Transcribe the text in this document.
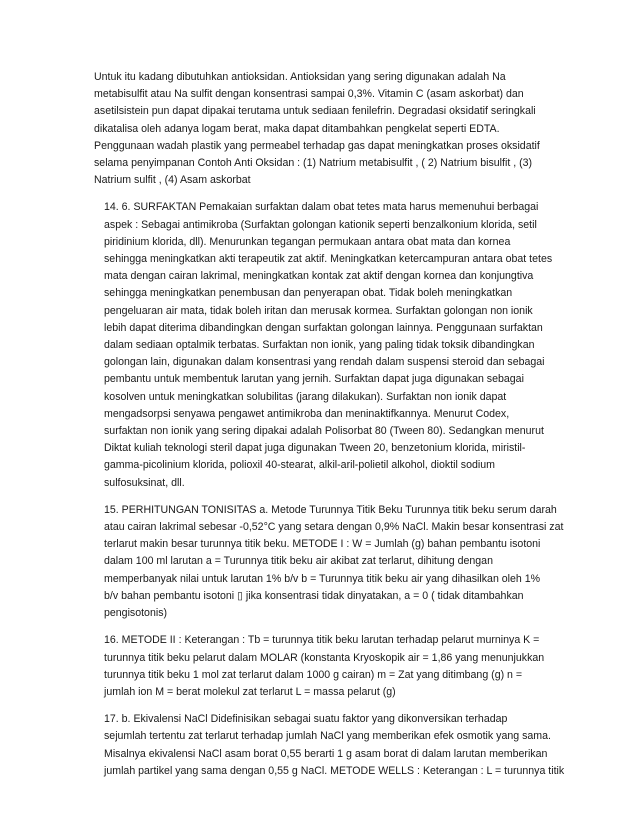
Untuk itu kadang dibutuhkan antioksidan. Antioksidan yang sering digunakan adalah Na
metabisulfit atau Na sulfit dengan konsentrasi sampai 0,3%. Vitamin C (asam askorbat) dan
asetilsistein pun dapat dipakai terutama untuk sediaan fenilefrin. Degradasi oksidatif seringkali
dikatalisa oleh adanya logam berat, maka dapat ditambahkan pengkelat seperti EDTA.
Penggunaan wadah plastik yang permeabel terhadap gas dapat meningkatkan proses oksidatif
selama penyimpanan Contoh Anti Oksidan : (1) Natrium metabisulfit , ( 2) Natrium bisulfit , (3)
Natrium sulfit , (4) Asam askorbat
14. 6. SURFAKTAN Pemakaian surfaktan dalam obat tetes mata harus memenuhui berbagai
aspek : Sebagai antimikroba (Surfaktan golongan kationik seperti benzalkonium klorida, setil
piridinium klorida, dll). Menurunkan tegangan permukaan antara obat mata dan kornea
sehingga meningkatkan akti terapeutik zat aktif. Meningkatkan ketercampuran antara obat tetes
mata dengan cairan lakrimal, meningkatkan kontak zat aktif dengan kornea dan konjungtiva
sehingga meningkatkan penembusan dan penyerapan obat. Tidak boleh meningkatkan
pengeluaran air mata, tidak boleh iritan dan merusak kormea. Surfaktan golongan non ionik
lebih dapat diterima dibandingkan dengan surfaktan golongan lainnya. Penggunaan surfaktan
dalam sediaan optalmik terbatas. Surfaktan non ionik, yang paling tidak toksik dibandingkan
golongan lain, digunakan dalam konsentrasi yang rendah dalam suspensi steroid dan sebagai
pembantu untuk membentuk larutan yang jernih. Surfaktan dapat juga digunakan sebagai
kosolven untuk meningkatkan solubilitas (jarang dilakukan). Surfaktan non ionik dapat
mengadsorpsi senyawa pengawet antimikroba dan meninaktifkannya. Menurut Codex,
surfaktan non ionik yang sering dipakai adalah Polisorbat 80 (Tween 80). Sedangkan menurut
Diktat kuliah teknologi steril dapat juga digunakan Tween 20, benzetonium klorida, miristil-
gamma-picolinium klorida, polioxil 40-stearat, alkil-aril-polietil alkohol, dioktil sodium
sulfosuksinat, dll.
15. PERHITUNGAN TONISITAS a. Metode Turunnya Titik Beku Turunnya titik beku serum darah
atau cairan lakrimal sebesar -0,52°C yang setara dengan 0,9% NaCl. Makin besar konsentrasi zat
terlarut makin besar turunnya titik beku. METODE I : W = Jumlah (g) bahan pembantu isotoni
dalam 100 ml larutan a = Turunnya titik beku air akibat zat terlarut, dihitung dengan
memperbanyak nilai untuk larutan 1% b/v b = Turunnya titik beku air yang dihasilkan oleh 1%
b/v bahan pembantu isotoni ▯ jika konsentrasi tidak dinyatakan, a = 0 ( tidak ditambahkan
pengisotonis)
16. METODE II : Keterangan : Tb = turunnya titik beku larutan terhadap pelarut murninya K =
turunnya titik beku pelarut dalam MOLAR (konstanta Kryoskopik air = 1,86 yang menunjukkan
turunnya titik beku 1 mol zat terlarut dalam 1000 g cairan) m = Zat yang ditimbang (g) n =
jumlah ion M = berat molekul zat terlarut L = massa pelarut (g)
17. b. Ekivalensi NaCl Didefinisikan sebagai suatu faktor yang dikonversikan terhadap
sejumlah tertentu zat terlarut terhadap jumlah NaCl yang memberikan efek osmotik yang sama.
Misalnya ekivalensi NaCl asam borat 0,55 berarti 1 g asam borat di dalam larutan memberikan
jumlah partikel yang sama dengan 0,55 g NaCl. METODE WELLS : Keterangan : L = turunnya titik
